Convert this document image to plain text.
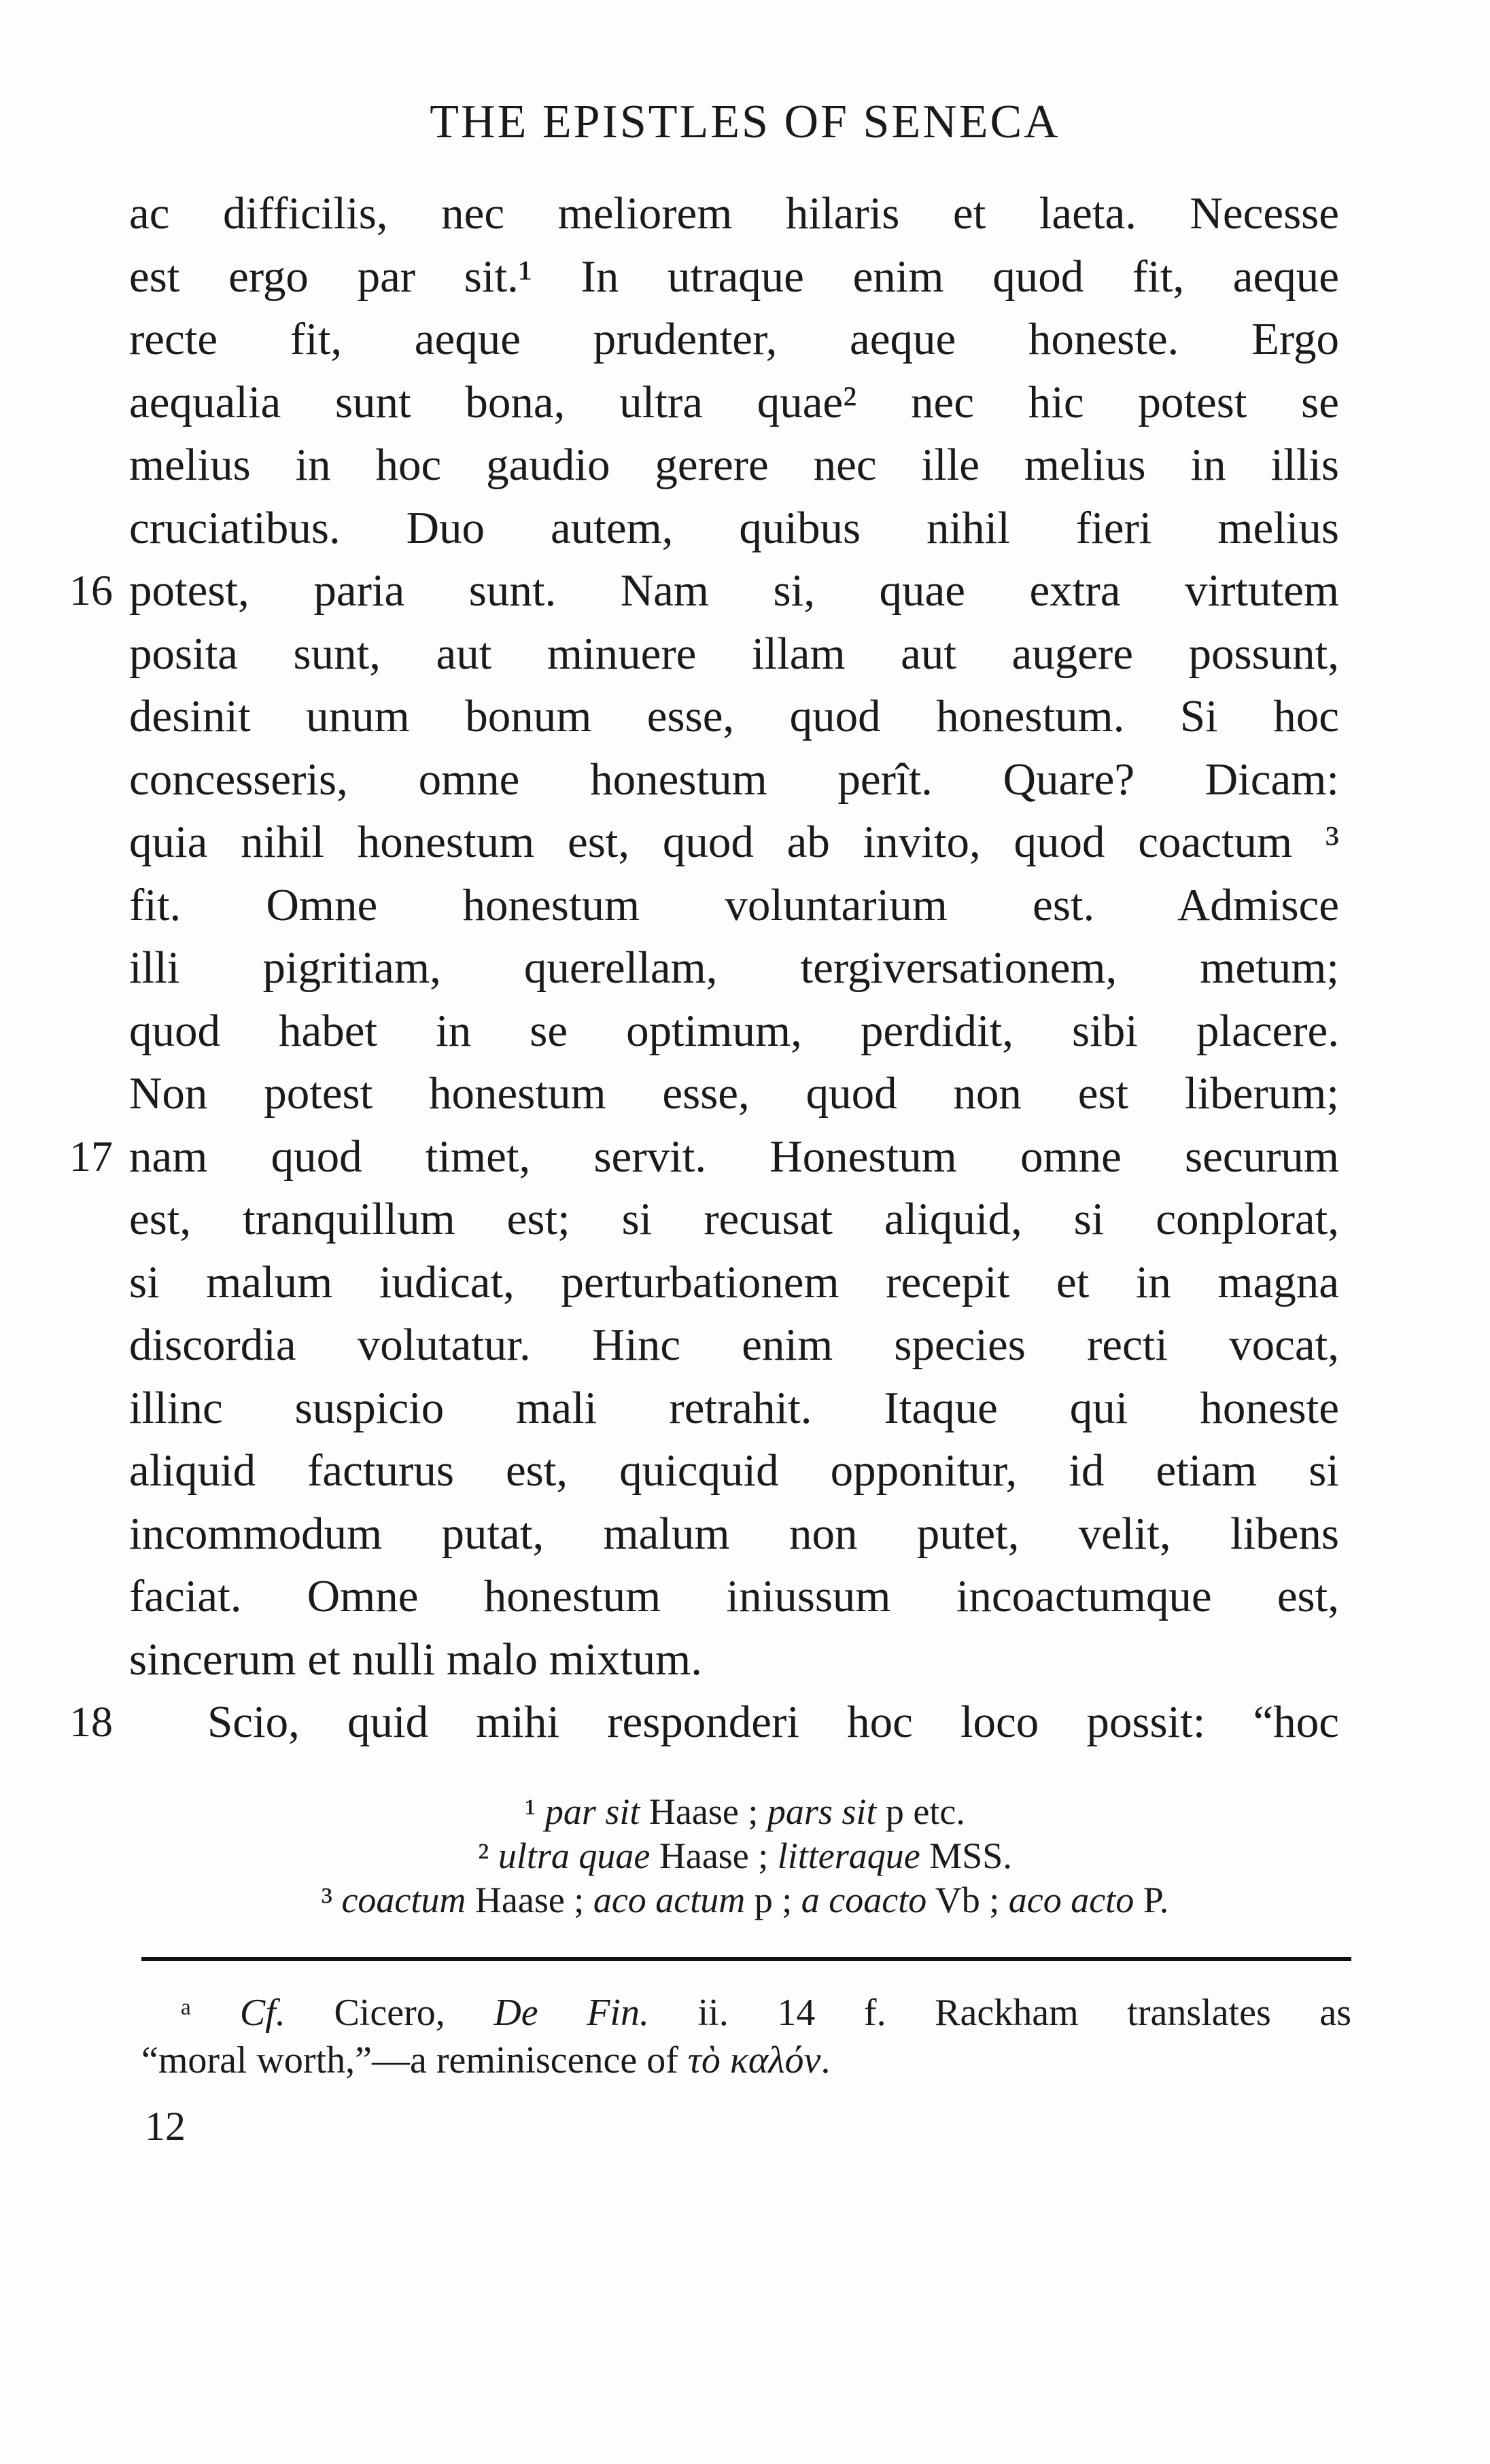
THE EPISTLES OF SENECA
ac difficilis, nec meliorem hilaris et laeta. Necesse
est ergo par sit.¹ In utraque enim quod fit, aeque
recte fit, aeque prudenter, aeque honeste. Ergo
aequalia sunt bona, ultra quae² nec hic potest se
melius in hoc gaudio gerere nec ille melius in illis
cruciatibus. Duo autem, quibus nihil fieri melius
16 potest, paria sunt. Nam si, quae extra virtutem
posita sunt, aut minuere illam aut augere possunt,
desinit unum bonum esse, quod honestum. Si hoc
concesseris, omne honestum perît. Quare? Dicam:
quia nihil honestum est, quod ab invito, quod coactum ³
fit. Omne honestum voluntarium est. Admisce
illi pigritiam, querellam, tergiversationem, metum;
quod habet in se optimum, perdidit, sibi placere.
Non potest honestum esse, quod non est liberum;
17 nam quod timet, servit. Honestum omne securum
est, tranquillum est; si recusat aliquid, si conplorat,
si malum iudicat, perturbationem recepit et in magna
discordia volutatur. Hinc enim species recti vocat,
illinc suspicio mali retrahit. Itaque qui honeste
aliquid facturus est, quicquid opponitur, id etiam si
incommodum putat, malum non putet, velit, libens
faciat. Omne honestum iniussum incoactumque est,
sincerum et nulli malo mixtum.
18 Scio, quid mihi responderi hoc loco possit: “hoc
¹ par sit Haase ; pars sit p etc.
² ultra quae Haase ; litteraque MSS.
³ coactum Haase ; aco actum p ; a coacto Vb ; aco acto P.
ᵃ Cf. Cicero, De Fin. ii. 14 f. Rackham translates as
“moral worth,”—a reminiscence of τὸ καλόν.
12
